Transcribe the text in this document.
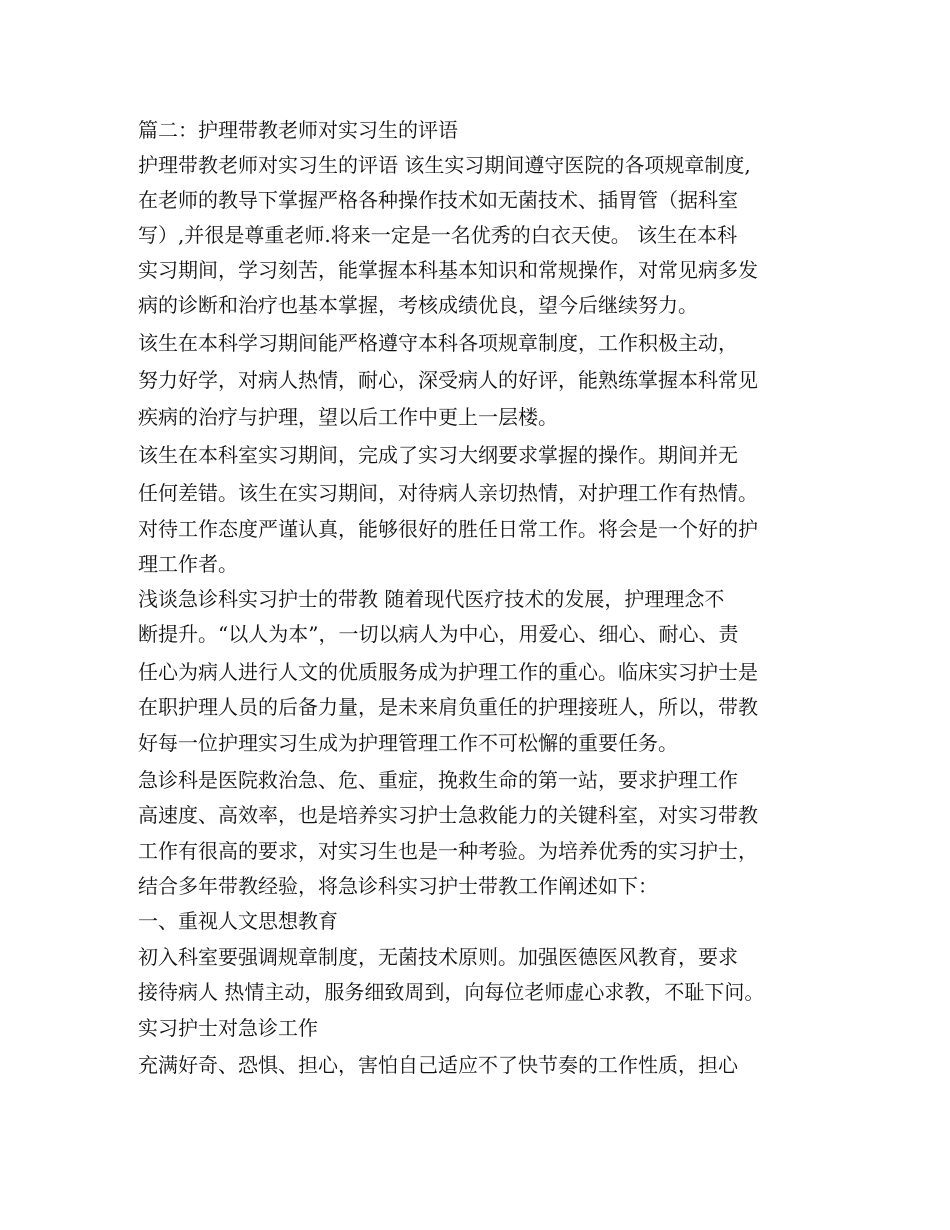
篇二：护理带教老师对实习生的评语
护理带教老师对实习生的评语 该生实习期间遵守医院的各项规章制度,
在老师的教导下掌握严格各种操作技术如无菌技术、插胃管（据科室
写）,并很是尊重老师.将来一定是一名优秀的白衣天使。 该生在本科
实习期间，学习刻苦，能掌握本科基本知识和常规操作，对常见病多发
病的诊断和治疗也基本掌握，考核成绩优良，望今后继续努力。
该生在本科学习期间能严格遵守本科各项规章制度，工作积极主动，
努力好学，对病人热情，耐心，深受病人的好评，能熟练掌握本科常见
疾病的治疗与护理，望以后工作中更上一层楼。
该生在本科室实习期间，完成了实习大纲要求掌握的操作。期间并无
任何差错。该生在实习期间，对待病人亲切热情，对护理工作有热情。
对待工作态度严谨认真，能够很好的胜任日常工作。将会是一个好的护
理工作者。
浅谈急诊科实习护士的带教 随着现代医疗技术的发展，护理理念不
断提升。“以人为本”，一切以病人为中心，用爱心、细心、耐心、责
任心为病人进行人文的优质服务成为护理工作的重心。临床实习护士是
在职护理人员的后备力量，是未来肩负重任的护理接班人，所以，带教
好每一位护理实习生成为护理管理工作不可松懈的重要任务。
急诊科是医院救治急、危、重症，挽救生命的第一站，要求护理工作
高速度、高效率，也是培养实习护士急救能力的关键科室，对实习带教
工作有很高的要求，对实习生也是一种考验。为培养优秀的实习护士，
结合多年带教经验，将急诊科实习护士带教工作阐述如下：
一、重视人文思想教育
初入科室要强调规章制度，无菌技术原则。加强医德医风教育，要求
接待病人 热情主动，服务细致周到，向每位老师虚心求教，不耻下问。
实习护士对急诊工作
充满好奇、恐惧、担心，害怕自己适应不了快节奏的工作性质，担心
